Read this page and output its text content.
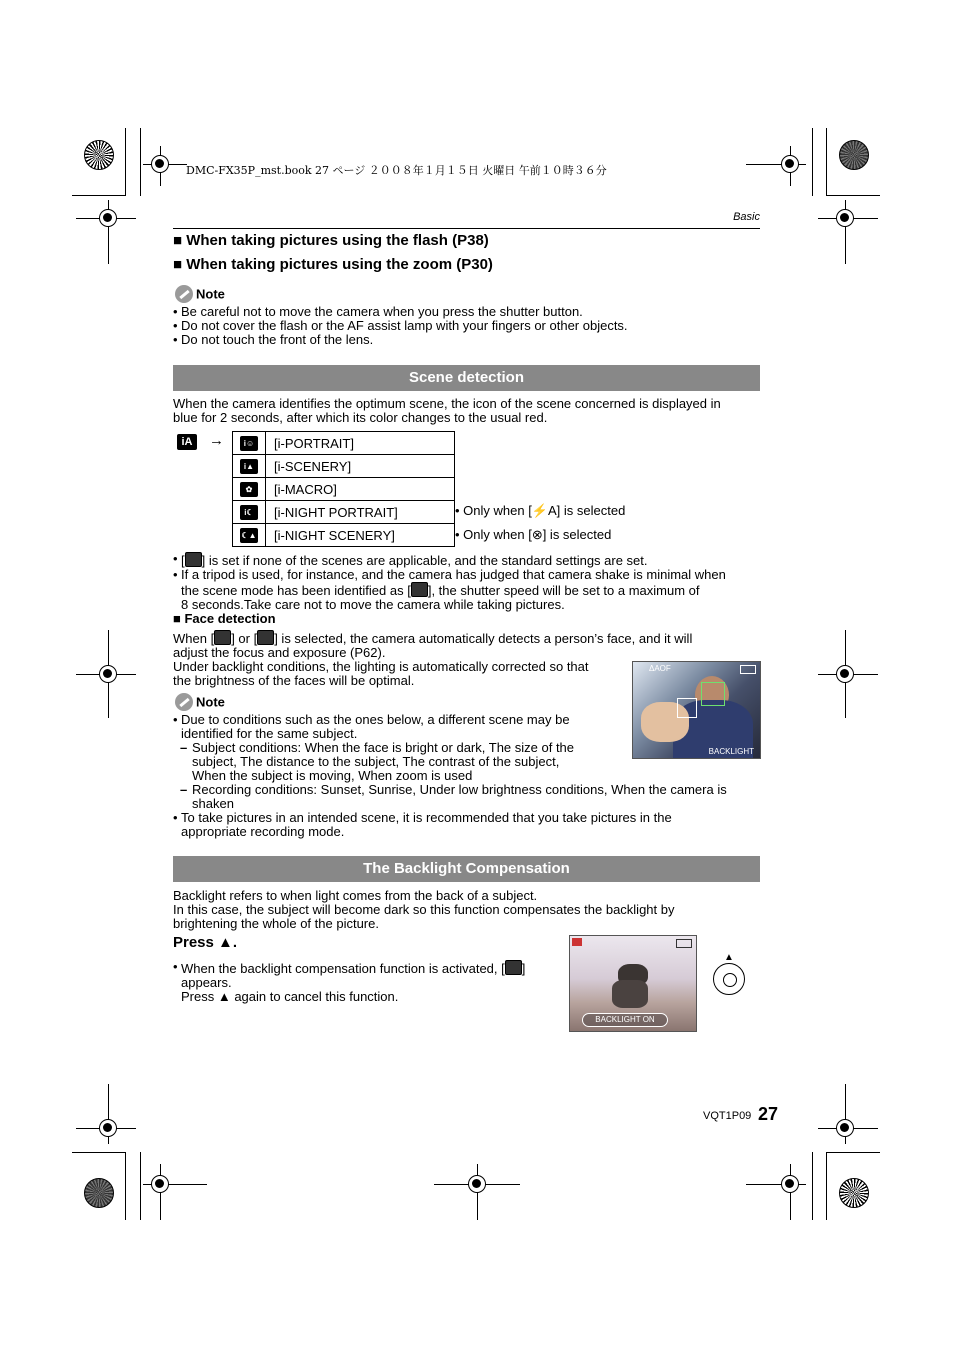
DMC-FX35P_mst.book 27 ページ ２００８年１月１５日 火曜日 午前１０時３６分
Basic
■ When taking pictures using the flash (P38)
■ When taking pictures using the zoom (P30)
Note
• Be careful not to move the camera when you press the shutter button.
• Do not cover the flash or the AF assist lamp with your fingers or other objects.
• Do not touch the front of the lens.
Scene detection
When the camera identifies the optimum scene, the icon of the scene concerned is displayed in
blue for 2 seconds, after which its color changes to the usual red.
iA	→ i☺	[i-PORTRAIT]
i▲	[i-SCENERY]
✿	[i-MACRO]
i☾	[i-NIGHT PORTRAIT]
☾▲	[i-NIGHT SCENERY]
• Only when [⚡A] is selected
• Only when [⊗] is selected
• [ ] is set if none of the scenes are applicable, and the standard settings are set.
• If a tripod is used, for instance, and the camera has judged that camera shake is minimal when
the scene mode has been identified as [ ], the shutter speed will be set to a maximum of
8 seconds.Take care not to move the camera while taking pictures.
■ Face detection
When [ ] or [ ] is selected, the camera automatically detects a person’s face, and it will
adjust the focus and exposure (P62).
Under backlight conditions, the lighting is automatically corrected so that
the brightness of the faces will be optimal.
ΔAOF
BACKLIGHT
Note
• Due to conditions such as the ones below, a different scene may be
identified for the same subject.
– Subject conditions: When the face is bright or dark, The size of the
subject, The distance to the subject, The contrast of the subject,
When the subject is moving, When zoom is used
– Recording conditions: Sunset, Sunrise, Under low brightness conditions, When the camera is
shaken
• To take pictures in an intended scene, it is recommended that you take pictures in the
appropriate recording mode.
The Backlight Compensation
Backlight refers to when light comes from the back of a subject.
In this case, the subject will become dark so this function compensates the backlight by
brightening the whole of the picture.
Press ▲.
• When the backlight compensation function is activated, [ ]
appears.
Press ▲ again to cancel this function.
BACKLIGHT ON
▲
VQT1P09 27
